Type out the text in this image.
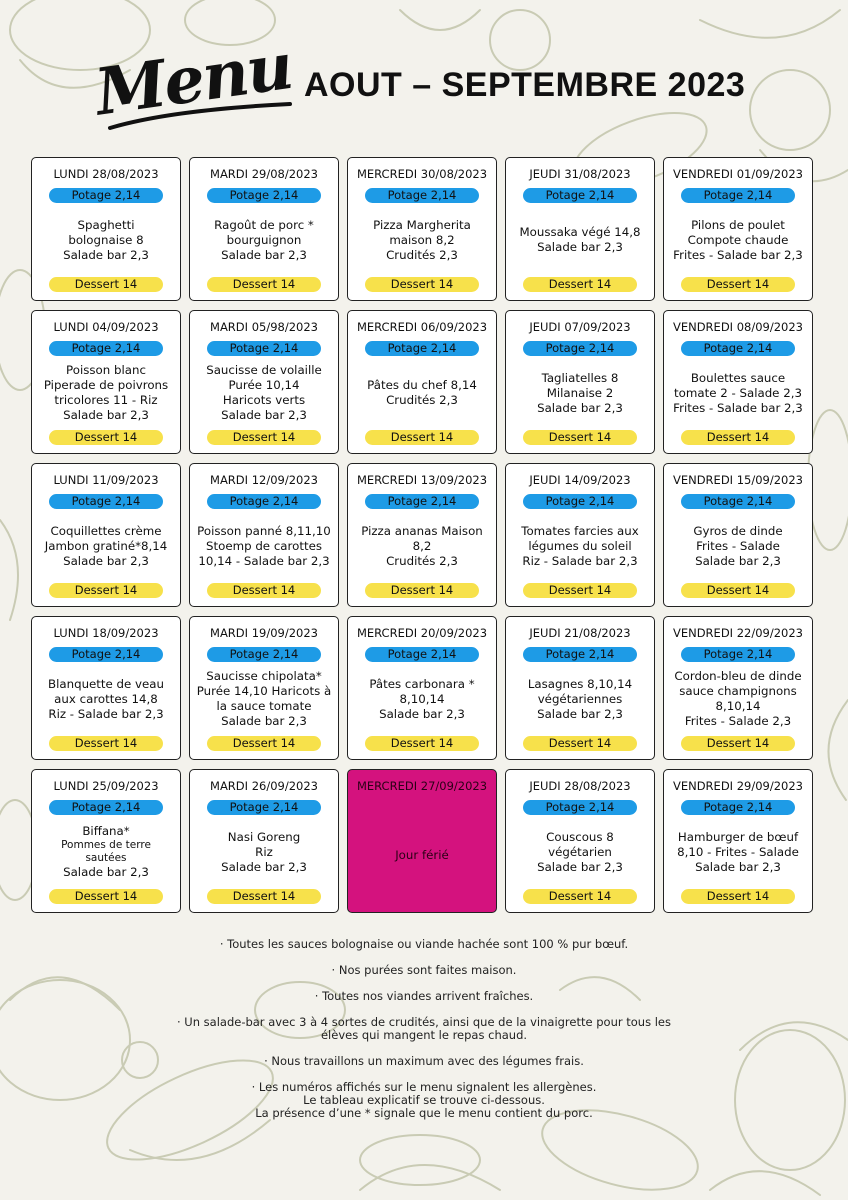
Menu AOUT – SEPTEMBRE 2023
LUNDI 28/08/2023
Potage 2,14
Spaghetti
bolognaise 8
Salade bar 2,3
Dessert 14
MARDI 29/08/2023
Potage 2,14
Ragoût de porc *
bourguignon
Salade bar 2,3
Dessert 14
MERCREDI 30/08/2023
Potage 2,14
Pizza Margherita
maison 8,2
Crudités 2,3
Dessert 14
JEUDI 31/08/2023
Potage 2,14
Moussaka végé 14,8
Salade bar 2,3
Dessert 14
VENDREDI 01/09/2023
Potage 2,14
Pilons de poulet
Compote chaude
Frites - Salade bar 2,3
Dessert 14
LUNDI 04/09/2023
Potage 2,14
Poisson blanc
Piperade de poivrons
tricolores 11 - Riz
Salade bar 2,3
Dessert 14
MARDI 05/98/2023
Potage 2,14
Saucisse de volaille
Purée 10,14
Haricots verts
Salade bar 2,3
Dessert 14
MERCREDI 06/09/2023
Potage 2,14
Pâtes du chef 8,14
Crudités 2,3
Dessert 14
JEUDI 07/09/2023
Potage 2,14
Tagliatelles 8
Milanaise 2
Salade bar 2,3
Dessert 14
VENDREDI 08/09/2023
Potage 2,14
Boulettes sauce
tomate 2 - Salade 2,3
Frites - Salade bar 2,3
Dessert 14
LUNDI 11/09/2023
Potage 2,14
Coquillettes crème
Jambon gratiné*8,14
Salade bar 2,3
Dessert 14
MARDI 12/09/2023
Potage 2,14
Poisson panné 8,11,10
Stoemp de carottes
10,14 - Salade bar 2,3
Dessert 14
MERCREDI 13/09/2023
Potage 2,14
Pizza ananas Maison
8,2
Crudités 2,3
Dessert 14
JEUDI 14/09/2023
Potage 2,14
Tomates farcies aux
légumes du soleil
Riz - Salade bar 2,3
Dessert 14
VENDREDI 15/09/2023
Potage 2,14
Gyros de dinde
Frites - Salade
Salade bar 2,3
Dessert 14
LUNDI 18/09/2023
Potage 2,14
Blanquette de veau
aux carottes 14,8
Riz - Salade bar 2,3
Dessert 14
MARDI 19/09/2023
Potage 2,14
Saucisse chipolata*
Purée 14,10 Haricots à
la sauce tomate
Salade bar 2,3
Dessert 14
MERCREDI 20/09/2023
Potage 2,14
Pâtes carbonara *
8,10,14
Salade bar 2,3
Dessert 14
JEUDI 21/08/2023
Potage 2,14
Lasagnes 8,10,14
végétariennes
Salade bar 2,3
Dessert 14
VENDREDI 22/09/2023
Potage 2,14
Cordon-bleu de dinde
sauce champignons
8,10,14
Frites - Salade 2,3
Dessert 14
LUNDI 25/09/2023
Potage 2,14
Biffana*
Pommes de terre
sautées
Salade bar 2,3
Dessert 14
MARDI 26/09/2023
Potage 2,14
Nasi Goreng
Riz
Salade bar 2,3
Dessert 14
MERCREDI 27/09/2023
Jour férié
JEUDI 28/08/2023
Potage 2,14
Couscous 8
végétarien
Salade bar 2,3
Dessert 14
VENDREDI 29/09/2023
Potage 2,14
Hamburger de bœuf
8,10 - Frites - Salade
Salade bar 2,3
Dessert 14

· Toutes les sauces bolognaise ou viande hachée sont 100 % pur bœuf.

· Nos purées sont faites maison.

· Toutes nos viandes arrivent fraîches.

· Un salade-bar avec 3 à 4 sortes de crudités, ainsi que de la vinaigrette pour tous les
élèves qui mangent le repas chaud.

· Nous travaillons un maximum avec des légumes frais.

· Les numéros affichés sur le menu signalent les allergènes.
Le tableau explicatif se trouve ci-dessous.
La présence d’une * signale que le menu contient du porc.
